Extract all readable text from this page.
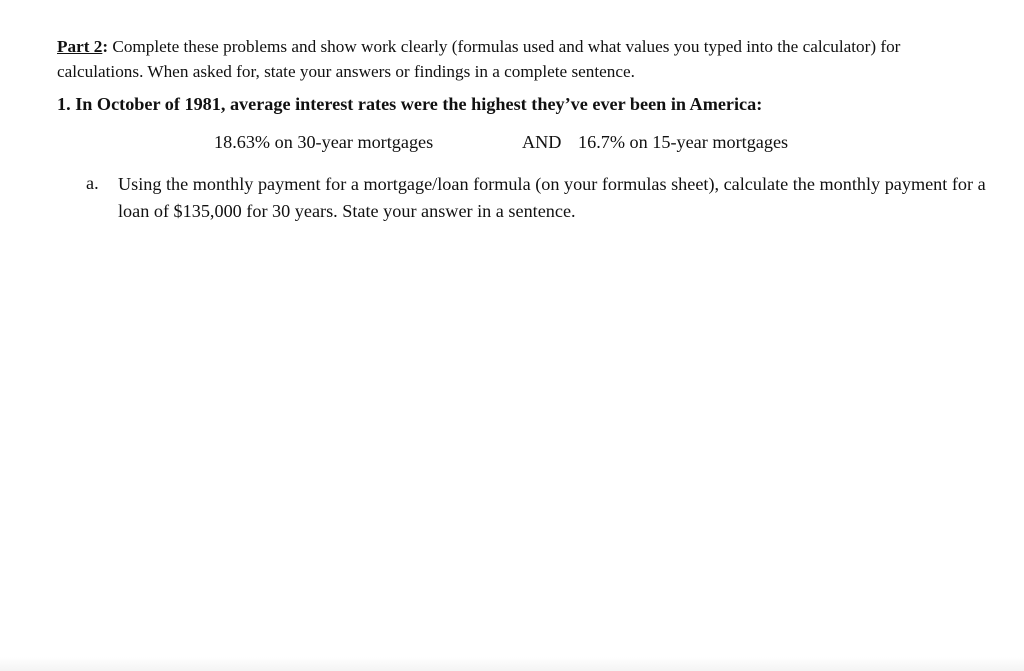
Part 2: Complete these problems and show work clearly (formulas used and what values you typed into the calculator) for calculations. When asked for, state your answers or findings in a complete sentence.
1. In October of 1981, average interest rates were the highest they’ve ever been in America:
18.63% on 30-year mortgages	AND 16.7% on 15-year mortgages
a. Using the monthly payment for a mortgage/loan formula (on your formulas sheet), calculate the monthly payment for a loan of $135,000 for 30 years. State your answer in a sentence.
